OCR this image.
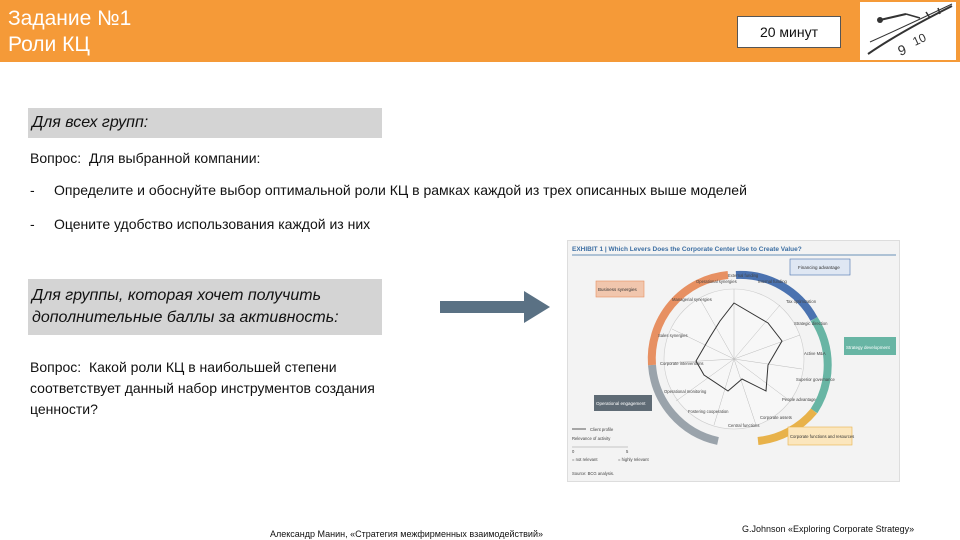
Задание №1
Роли КЦ
20 минут	10
9
Для всех групп:
Вопрос: Для выбранной компании:
- Определите и обоснуйте выбор оптимальной роли КЦ в рамках каждой из трех описанных выше моделей
- Оцените удобство использования каждой из них
Для группы, которая хочет получить
дополнительные баллы за активность:
Вопрос: Какой роли КЦ в наибольшей степени
соответствует данный набор инструментов создания
ценности?
EXHIBIT 1 | Which Levers Does the Corporate Center Use to Create Value?
External funding
Internal funding
Tax optimization
Strategic direction
Active M&A
Superior governance
People advantage
Corporate assets
Central functions
Fostering cooperation
Operational monitoring
Corporate interventions
Sales synergies
Managerial synergies
Operational synergies
Financing advantage
Strategy development
Corporate functions and resources
Operational engagement
Business synergies
Client profile
Relevance of activity
0	5
= not relevant	= highly relevant
Source: BCG analysis.
Александр Манин, «Стратегия межфирменных взаимодействий»	G.Johnson «Exploring Corporate Strategy»
